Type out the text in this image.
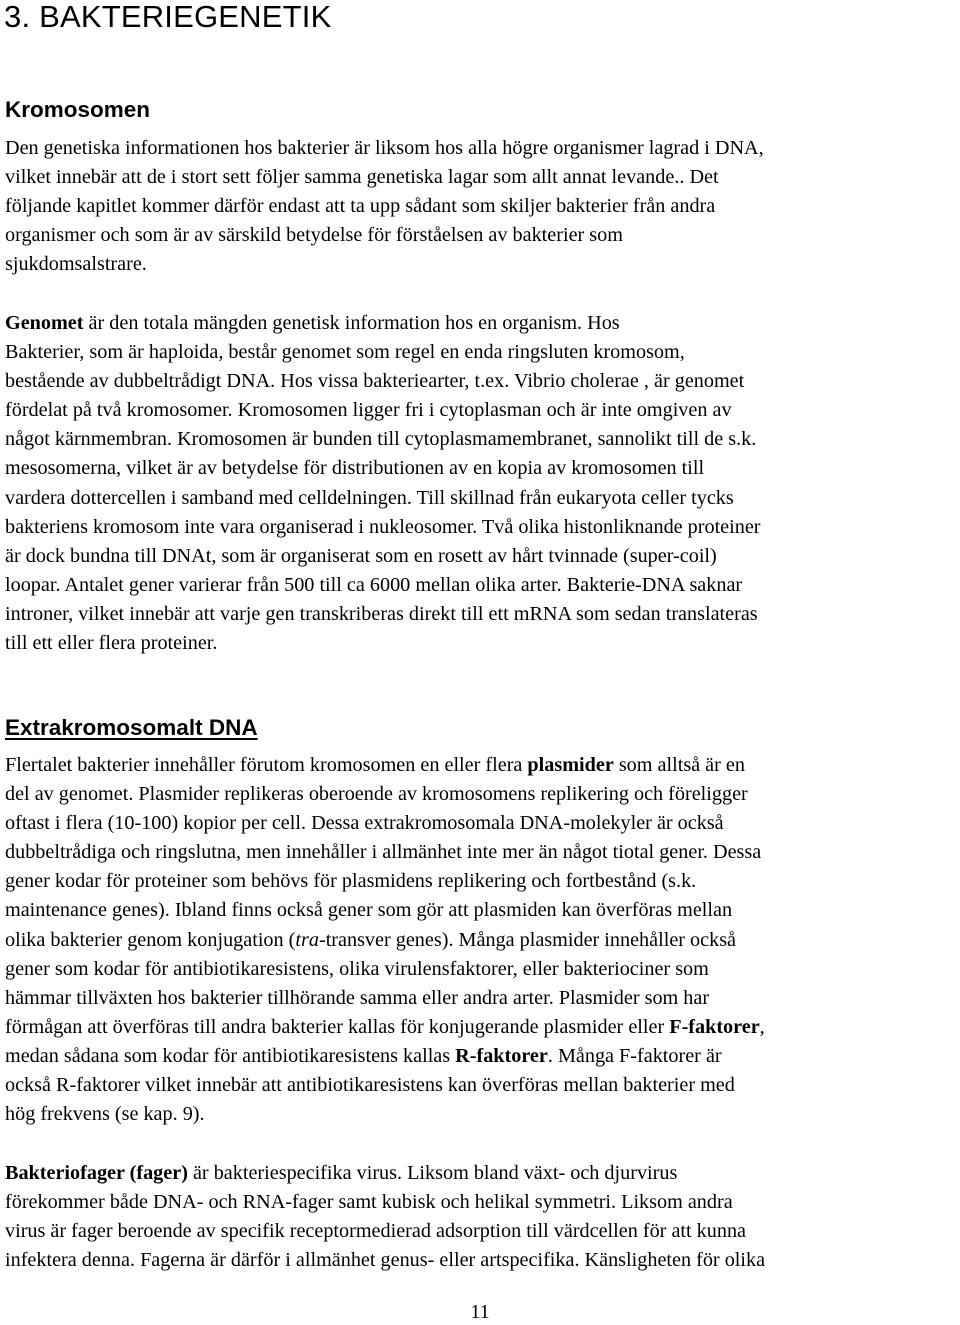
3. BAKTERIEGENETIK
Kromosomen
Den genetiska informationen hos bakterier är liksom hos alla högre organismer lagrad i DNA,
vilket innebär att de i stort sett följer samma genetiska lagar som allt annat levande.. Det
följande kapitlet kommer därför endast att ta upp sådant som skiljer bakterier från andra
organismer och som är av särskild betydelse för förståelsen av bakterier som
sjukdomsalstrare.
Genomet är den totala mängden genetisk information hos en organism. Hos
Bakterier, som är haploida, består genomet som regel en enda ringsluten kromosom,
bestående av dubbeltrådigt DNA. Hos vissa bakteriearter, t.ex. Vibrio cholerae , är genomet
fördelat på två kromosomer. Kromosomen ligger fri i cytoplasman och är inte omgiven av
något kärnmembran. Kromosomen är bunden till cytoplasmamembranet, sannolikt till de s.k.
mesosomerna, vilket är av betydelse för distributionen av en kopia av kromosomen till
vardera dottercellen i samband med celldelningen. Till skillnad från eukaryota celler tycks
bakteriens kromosom inte vara organiserad i nukleosomer. Två olika histonliknande proteiner
är dock bundna till DNAt, som är organiserat som en rosett av hårt tvinnade (super-coil)
loopar. Antalet gener varierar från 500 till ca 6000 mellan olika arter. Bakterie-DNA saknar
introner, vilket innebär att varje gen transkriberas direkt till ett mRNA som sedan translateras
till ett eller flera proteiner.
Extrakromosomalt DNA
Flertalet bakterier innehåller förutom kromosomen en eller flera plasmider som alltså är en
del av genomet. Plasmider replikeras oberoende av kromosomens replikering och föreligger
oftast i flera (10-100) kopior per cell. Dessa extrakromosomala DNA-molekyler är också
dubbeltrådiga och ringslutna, men innehåller i allmänhet inte mer än något tiotal gener. Dessa
gener kodar för proteiner som behövs för plasmidens replikering och fortbestånd (s.k.
maintenance genes). Ibland finns också gener som gör att plasmiden kan överföras mellan
olika bakterier genom konjugation (tra-transver genes). Många plasmider innehåller också
gener som kodar för antibiotikaresistens, olika virulensfaktorer, eller bakteriociner som
hämmar tillväxten hos bakterier tillhörande samma eller andra arter. Plasmider som har
förmågan att överföras till andra bakterier kallas för konjugerande plasmider eller F-faktorer,
medan sådana som kodar för antibiotikaresistens kallas R-faktorer. Många F-faktorer är
också R-faktorer vilket innebär att antibiotikaresistens kan överföras mellan bakterier med
hög frekvens (se kap. 9).
Bakteriofager (fager) är bakteriespecifika virus. Liksom bland växt- och djurvirus
förekommer både DNA- och RNA-fager samt kubisk och helikal symmetri. Liksom andra
virus är fager beroende av specifik receptormedierad adsorption till värdcellen för att kunna
infektera denna. Fagerna är därför i allmänhet genus- eller artspecifika. Känsligheten för olika
11
